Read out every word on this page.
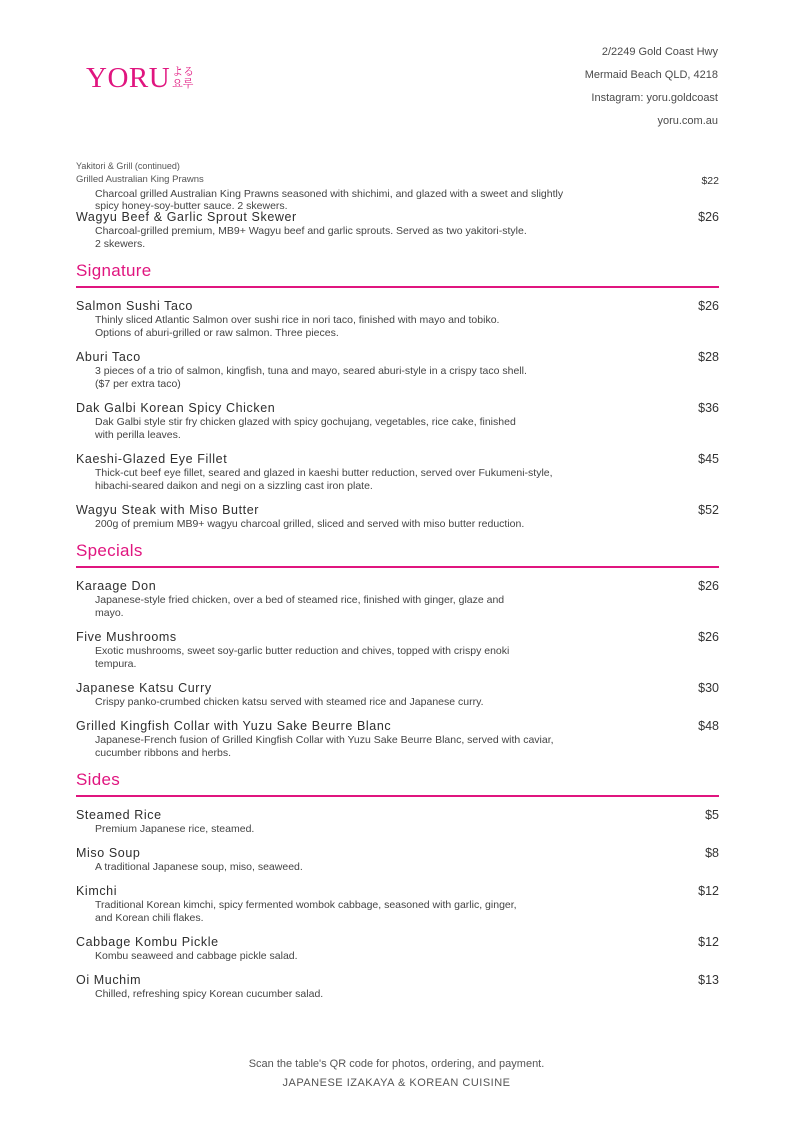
YORU よる
요루
2/2249 Gold Coast Hwy
Mermaid Beach QLD, 4218
Instagram: yoru.goldcoast
yoru.com.au
Yakitori & Grill (continued)
Grilled Australian King Prawns	$22
Charcoal grilled Australian King Prawns seasoned with shichimi, and glazed with a sweet and slightly spicy honey-soy-butter sauce. 2 skewers.
Wagyu Beef & Garlic Sprout Skewer	$26
Charcoal-grilled premium, MB9+ Wagyu beef and garlic sprouts. Served as two yakitori-style. 2 skewers.
Signature
Salmon Sushi Taco	$26
Thinly sliced Atlantic Salmon over sushi rice in nori taco, finished with mayo and tobiko. Options of aburi-grilled or raw salmon. Three pieces.
Aburi Taco	$28
3 pieces of a trio of salmon, kingfish, tuna and mayo, seared aburi-style in a crispy taco shell. ($7 per extra taco)
Dak Galbi Korean Spicy Chicken	$36
Dak Galbi style stir fry chicken glazed with spicy gochujang, vegetables, rice cake, finished with perilla leaves.
Kaeshi-Glazed Eye Fillet	$45
Thick-cut beef eye fillet, seared and glazed in kaeshi butter reduction, served over Fukumeni-style, hibachi-seared daikon and negi on a sizzling cast iron plate.
Wagyu Steak with Miso Butter	$52
200g of premium MB9+ wagyu charcoal grilled, sliced and served with miso butter reduction.
Specials
Karaage Don	$26
Japanese-style fried chicken, over a bed of steamed rice, finished with ginger, glaze and mayo.
Five Mushrooms	$26
Exotic mushrooms, sweet soy-garlic butter reduction and chives, topped with crispy enoki tempura.
Japanese Katsu Curry	$30
Crispy panko-crumbed chicken katsu served with steamed rice and Japanese curry.
Grilled Kingfish Collar with Yuzu Sake Beurre Blanc	$48
Japanese-French fusion of Grilled Kingfish Collar with Yuzu Sake Beurre Blanc, served with caviar, cucumber ribbons and herbs.
Sides
Steamed Rice	$5
Premium Japanese rice, steamed.
Miso Soup	$8
A traditional Japanese soup, miso, seaweed.
Kimchi	$12
Traditional Korean kimchi, spicy fermented wombok cabbage, seasoned with garlic, ginger, and Korean chili flakes.
Cabbage Kombu Pickle	$12
Kombu seaweed and cabbage pickle salad.
Oi Muchim	$13
Chilled, refreshing spicy Korean cucumber salad.
Scan the table's QR code for photos, ordering, and payment.
JAPANESE IZAKAYA & KOREAN CUISINE
